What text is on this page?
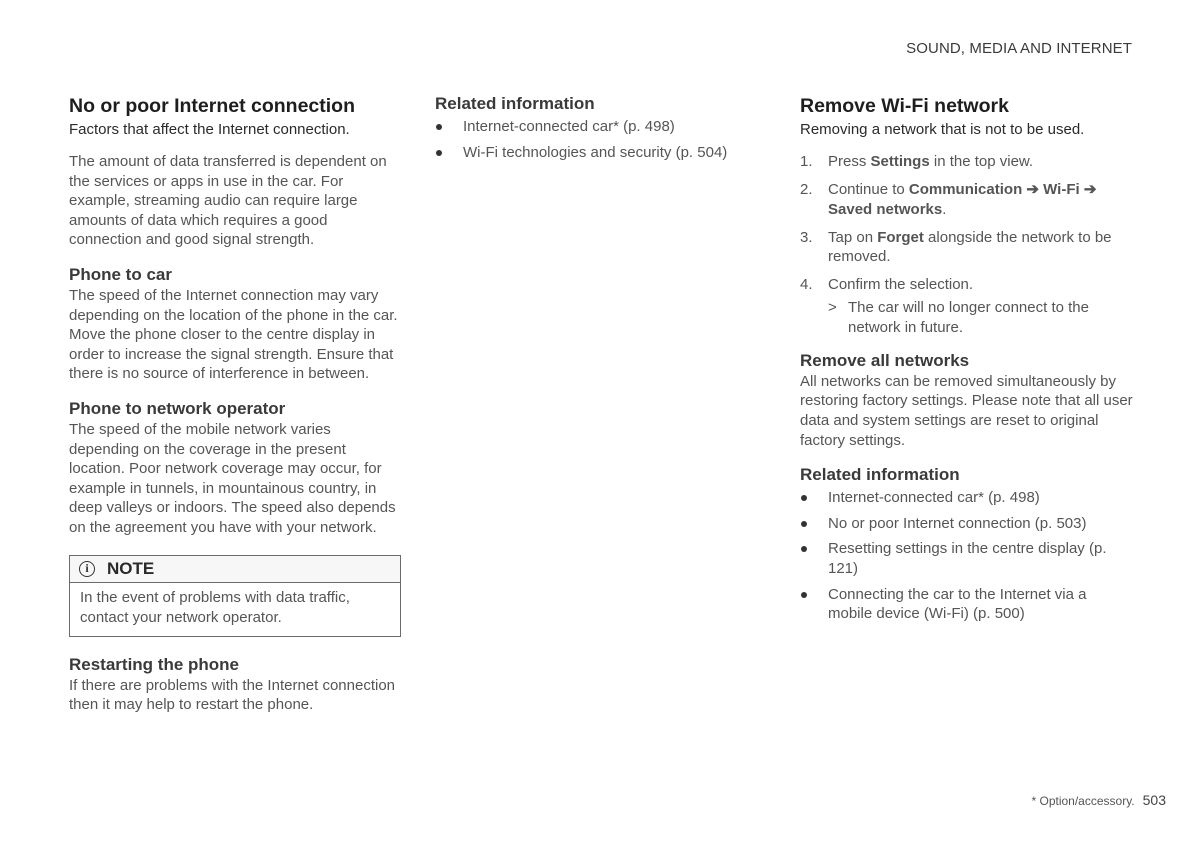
SOUND, MEDIA AND INTERNET
No or poor Internet connection

Factors that affect the Internet connection.

The amount of data transferred is dependent on the services or apps in use in the car. For example, streaming audio can require large amounts of data which requires a good connection and good signal strength.

Phone to car

The speed of the Internet connection may vary depending on the location of the phone in the car. Move the phone closer to the centre display in order to increase the signal strength. Ensure that there is no source of interference in between.

Phone to network operator

The speed of the mobile network varies depending on the coverage in the present location. Poor network coverage may occur, for example in tunnels, in mountainous country, in deep valleys or indoors. The speed also depends on the agreement you have with your network.

i	NOTE
In the event of problems with data traffic, contact your network operator.
Restarting the phone

If there are problems with the Internet connection then it may help to restart the phone.

Related information
Internet-connected car* (p. 498)
Wi-Fi technologies and security (p. 504)
Remove Wi-Fi network

Removing a network that is not to be used.

1. Press Settings in the top view.
2. Continue to Communication ➔ Wi-Fi ➔ Saved networks.
3. Tap on Forget alongside the network to be removed.
4. Confirm the selection.
> The car will no longer connect to the network in future.
Remove all networks

All networks can be removed simultaneously by restoring factory settings. Please note that all user data and system settings are reset to original factory settings.

Related information
Internet-connected car* (p. 498)
No or poor Internet connection (p. 503)
Resetting settings in the centre display (p. 121)
Connecting the car to the Internet via a mobile device (Wi-Fi) (p. 500)
* Option/accessory. 503
